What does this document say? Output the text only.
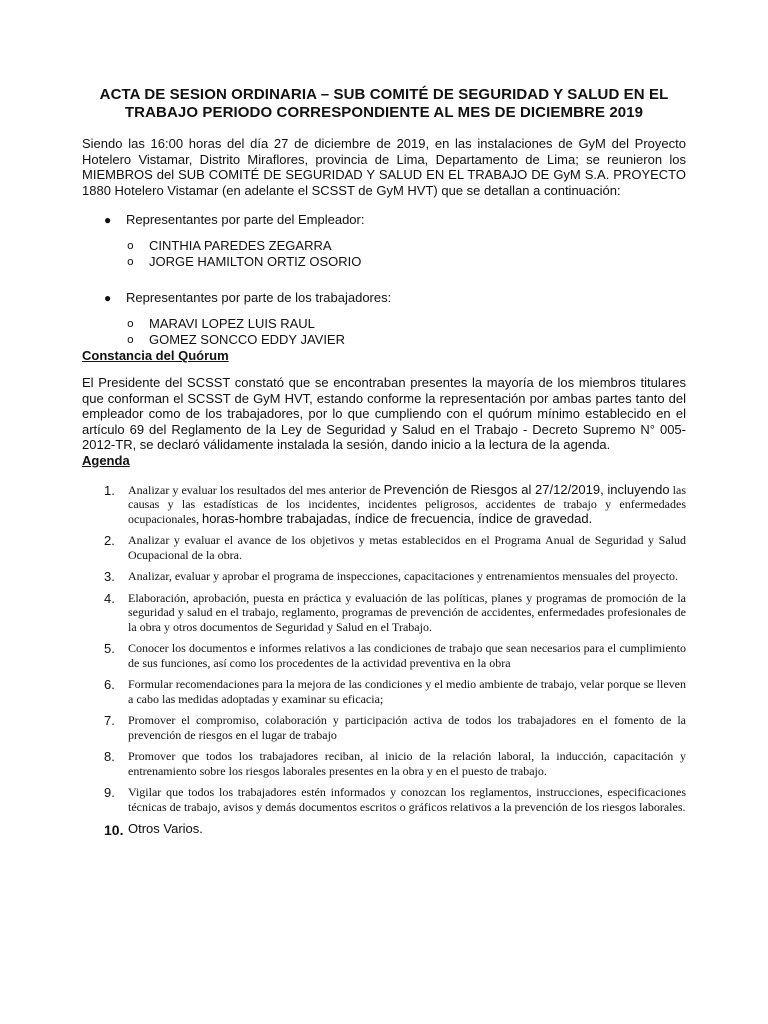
ACTA DE SESION ORDINARIA – SUB COMITÉ DE SEGURIDAD Y SALUD EN EL
TRABAJO PERIODO CORRESPONDIENTE AL MES DE DICIEMBRE 2019

Siendo las 16:00 horas del día 27 de diciembre de 2019, en las instalaciones de GyM del Proyecto Hotelero Vistamar, Distrito Miraflores, provincia de Lima, Departamento de Lima; se reunieron los MIEMBROS del SUB COMITÉ DE SEGURIDAD Y SALUD EN EL TRABAJO DE GyM S.A. PROYECTO 1880 Hotelero Vistamar (en adelante el SCSST de GyM HVT) que se detallan a continuación:

● Representantes por parte del Empleador:
o CINTHIA PAREDES ZEGARRA
o JORGE HAMILTON ORTIZ OSORIO
● Representantes por parte de los trabajadores:
o MARAVI LOPEZ LUIS RAUL
o GOMEZ SONCCO EDDY JAVIER
Constancia del Quórum

El Presidente del SCSST constató que se encontraban presentes la mayoría de los miembros titulares que conforman el SCSST de GyM HVT, estando conforme la representación por ambas partes tanto del empleador como de los trabajadores, por lo que cumpliendo con el quórum mínimo establecido en el artículo 69 del Reglamento de la Ley de Seguridad y Salud en el Trabajo - Decreto Supremo N° 005-2012-TR, se declaró válidamente instalada la sesión, dando inicio a la lectura de la agenda.

Agenda
1. Analizar y evaluar los resultados del mes anterior de Prevención de Riesgos al 27/12/2019, incluyendo las causas y las estadísticas de los incidentes, incidentes peligrosos, accidentes de trabajo y enfermedades ocupacionales, horas-hombre trabajadas, índice de frecuencia, índice de gravedad.
2. Analizar y evaluar el avance de los objetivos y metas establecidos en el Programa Anual de Seguridad y Salud Ocupacional de la obra.
3. Analizar, evaluar y aprobar el programa de inspecciones, capacitaciones y entrenamientos mensuales del proyecto.
4. Elaboración, aprobación, puesta en práctica y evaluación de las políticas, planes y programas de promoción de la seguridad y salud en el trabajo, reglamento, programas de prevención de accidentes, enfermedades profesionales de la obra y otros documentos de Seguridad y Salud en el Trabajo.
5. Conocer los documentos e informes relativos a las condiciones de trabajo que sean necesarios para el cumplimiento de sus funciones, así como los procedentes de la actividad preventiva en la obra
6. Formular recomendaciones para la mejora de las condiciones y el medio ambiente de trabajo, velar porque se lleven a cabo las medidas adoptadas y examinar su eficacia;
7. Promover el compromiso, colaboración y participación activa de todos los trabajadores en el fomento de la prevención de riesgos en el lugar de trabajo
8. Promover que todos los trabajadores reciban, al inicio de la relación laboral, la inducción, capacitación y entrenamiento sobre los riesgos laborales presentes en la obra y en el puesto de trabajo.
9. Vigilar que todos los trabajadores estén informados y conozcan los reglamentos, instrucciones, especificaciones técnicas de trabajo, avisos y demás documentos escritos o gráficos relativos a la prevención de los riesgos laborales.
10. Otros Varios.
